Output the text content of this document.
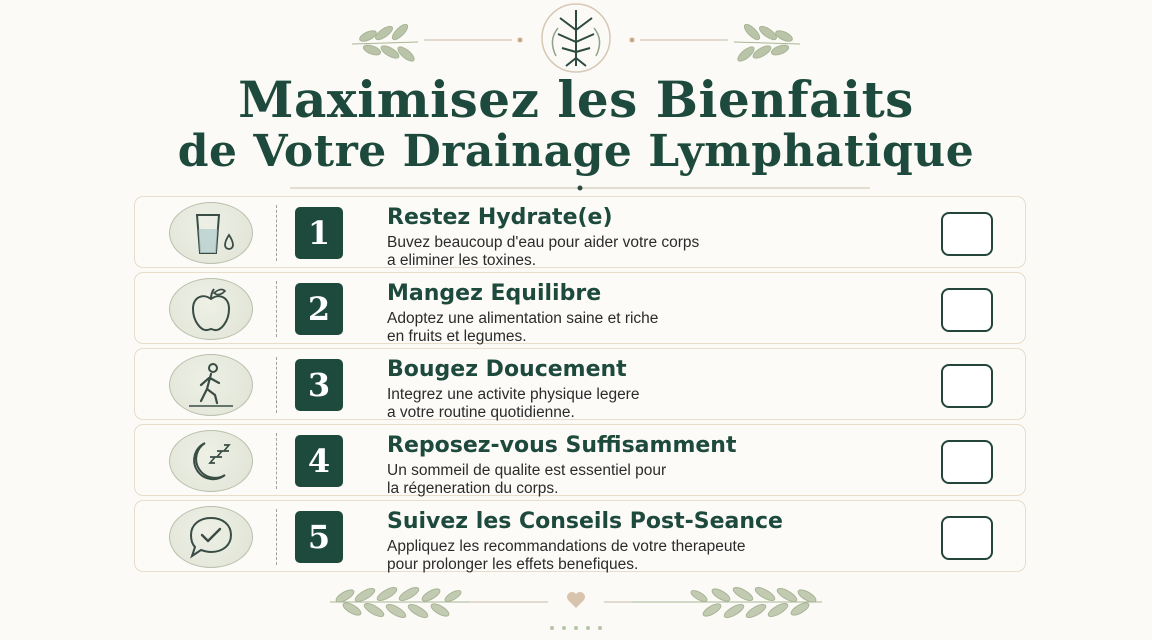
Maximisez les Bienfaits
de Votre Drainage Lymphatique
1	Restez Hydrate(e)
Buvez beaucoup d'eau pour aider votre corps
a eliminer les toxines.
2	Mangez Equilibre
Adoptez une alimentation saine et riche
en fruits et legumes.
3	Bougez Doucement
Integrez une activite physique legere
a votre routine quotidienne.
4	Reposez-vous Suffisamment
Un sommeil de qualite est essentiel pour
la régeneration du corps.
5	Suivez les Conseils Post-Seance
Appliquez les recommandations de votre therapeute
pour prolonger les effets benefiques.
